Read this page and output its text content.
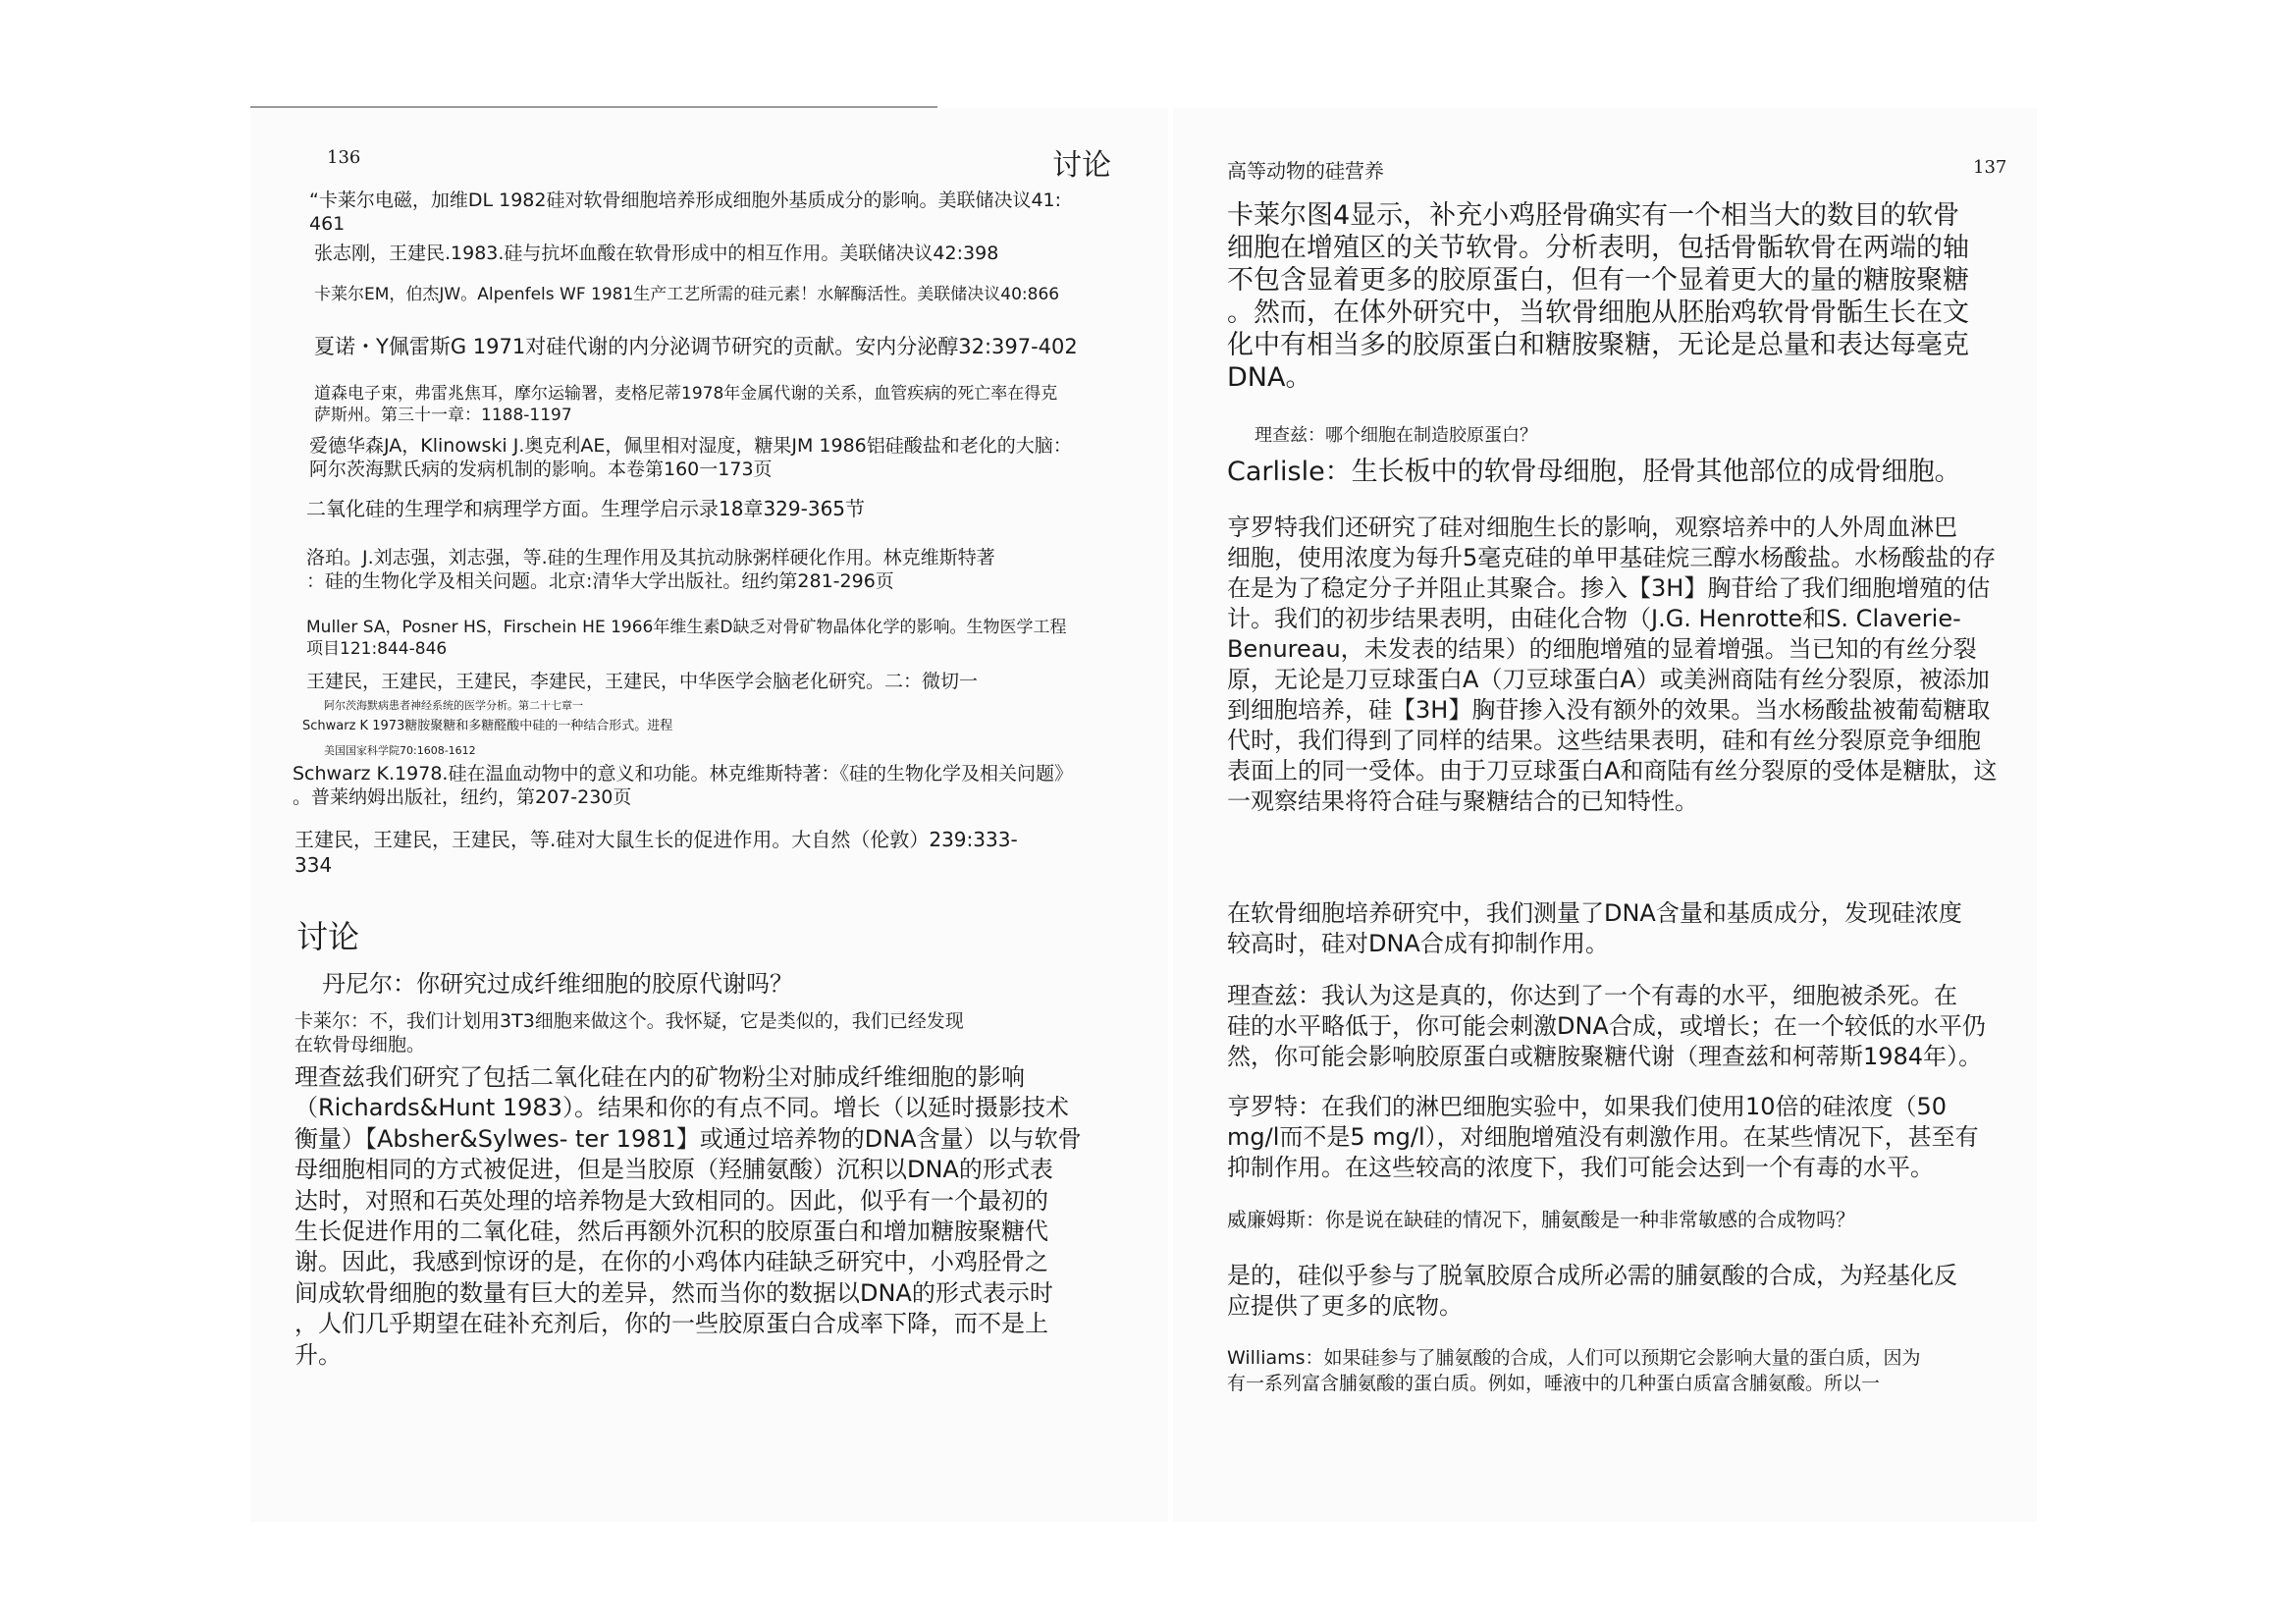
136	讨论
“卡莱尔电磁，加维DL 1982硅对软骨细胞培养形成细胞外基质成分的影响。美联储决议41:
461
张志刚，王建民.1983.硅与抗坏血酸在软骨形成中的相互作用。美联储决议42:398
卡莱尔EM，伯杰JW。Alpenfels WF 1981生产工艺所需的硅元素！水解酶活性。美联储决议40:866
夏诺・Y佩雷斯G 1971对硅代谢的内分泌调节研究的贡献。安内分泌醇32:397-402
道森电子束，弗雷兆焦耳，摩尔运输署，麦格尼蒂1978年金属代谢的关系，血管疾病的死亡率在得克
萨斯州。第三十一章：1188-1197
爱德华森JA，Klinowski J.奥克利AE，佩里相对湿度，糖果JM 1986铝硅酸盐和老化的大脑：
阿尔茨海默氏病的发病机制的影响。本卷第160一173页
二氧化硅的生理学和病理学方面。生理学启示录18章329-365节
洛珀。J.刘志强，刘志强，等.硅的生理作用及其抗动脉粥样硬化作用。林克维斯特著
：硅的生物化学及相关问题。北京:清华大学出版社。纽约第281-296页
Muller SA，Posner HS，Firschein HE 1966年维生素D缺乏对骨矿物晶体化学的影响。生物医学工程
项目121:844-846
王建民，王建民，王建民，李建民，王建民，中华医学会脑老化研究。二：微切一
阿尔茨海默病患者神经系统的医学分析。第二十七章一
Schwarz K 1973糖胺聚糖和多糖醛酸中硅的一种结合形式。进程
美国国家科学院70:1608-1612
Schwarz K.1978.硅在温血动物中的意义和功能。林克维斯特著：《硅的生物化学及相关问题》
。普莱纳姆出版社，纽约，第207-230页
王建民，王建民，王建民，等.硅对大鼠生长的促进作用。大自然（伦敦）239:333-
334
讨论
丹尼尔：你研究过成纤维细胞的胶原代谢吗？
卡莱尔：不，我们计划用3T3细胞来做这个。我怀疑，它是类似的，我们已经发现
在软骨母细胞。
理查兹我们研究了包括二氧化硅在内的矿物粉尘对肺成纤维细胞的影响
（Richards&Hunt 1983）。结果和你的有点不同。增长（以延时摄影技术
衡量）【Absher&Sylwes- ter 1981】或通过培养物的DNA含量）以与软骨
母细胞相同的方式被促进，但是当胶原（羟脯氨酸）沉积以DNA的形式表
达时，对照和石英处理的培养物是大致相同的。因此，似乎有一个最初的
生长促进作用的二氧化硅，然后再额外沉积的胶原蛋白和增加糖胺聚糖代
谢。因此，我感到惊讶的是，在你的小鸡体内硅缺乏研究中，小鸡胫骨之
间成软骨细胞的数量有巨大的差异，然而当你的数据以DNA的形式表示时
，人们几乎期望在硅补充剂后，你的一些胶原蛋白合成率下降，而不是上
升。
高等动物的硅营养	137
卡莱尔图4显示，补充小鸡胫骨确实有一个相当大的数目的软骨
细胞在增殖区的关节软骨。分析表明，包括骨骺软骨在两端的轴
不包含显着更多的胶原蛋白，但有一个显着更大的量的糖胺聚糖
。然而，在体外研究中，当软骨细胞从胚胎鸡软骨骨骺生长在文
化中有相当多的胶原蛋白和糖胺聚糖，无论是总量和表达每毫克
DNA。
理查兹：哪个细胞在制造胶原蛋白？
Carlisle：生长板中的软骨母细胞，胫骨其他部位的成骨细胞。
亨罗特我们还研究了硅对细胞生长的影响，观察培养中的人外周血淋巴
细胞，使用浓度为每升5毫克硅的单甲基硅烷三醇水杨酸盐。水杨酸盐的存
在是为了稳定分子并阻止其聚合。掺入【3H】胸苷给了我们细胞增殖的估
计。我们的初步结果表明，由硅化合物（J.G. Henrotte和S. Claverie-
Benureau，未发表的结果）的细胞增殖的显着增强。当已知的有丝分裂
原，无论是刀豆球蛋白A（刀豆球蛋白A）或美洲商陆有丝分裂原，被添加
到细胞培养，硅【3H】胸苷掺入没有额外的效果。当水杨酸盐被葡萄糖取
代时，我们得到了同样的结果。这些结果表明，硅和有丝分裂原竞争细胞
表面上的同一受体。由于刀豆球蛋白A和商陆有丝分裂原的受体是糖肽，这
一观察结果将符合硅与聚糖结合的已知特性。
在软骨细胞培养研究中，我们测量了DNA含量和基质成分，发现硅浓度
较高时，硅对DNA合成有抑制作用。
理查兹：我认为这是真的，你达到了一个有毒的水平，细胞被杀死。在
硅的水平略低于，你可能会刺激DNA合成，或增长；在一个较低的水平仍
然，你可能会影响胶原蛋白或糖胺聚糖代谢（理查兹和柯蒂斯1984年）。
亨罗特：在我们的淋巴细胞实验中，如果我们使用10倍的硅浓度（50
mg/l而不是5 mg/l），对细胞增殖没有刺激作用。在某些情况下，甚至有
抑制作用。在这些较高的浓度下，我们可能会达到一个有毒的水平。
威廉姆斯：你是说在缺硅的情况下，脯氨酸是一种非常敏感的合成物吗？
是的，硅似乎参与了脱氧胶原合成所必需的脯氨酸的合成，为羟基化反
应提供了更多的底物。
Williams：如果硅参与了脯氨酸的合成，人们可以预期它会影响大量的蛋白质，因为
有一系列富含脯氨酸的蛋白质。例如，唾液中的几种蛋白质富含脯氨酸。所以一
